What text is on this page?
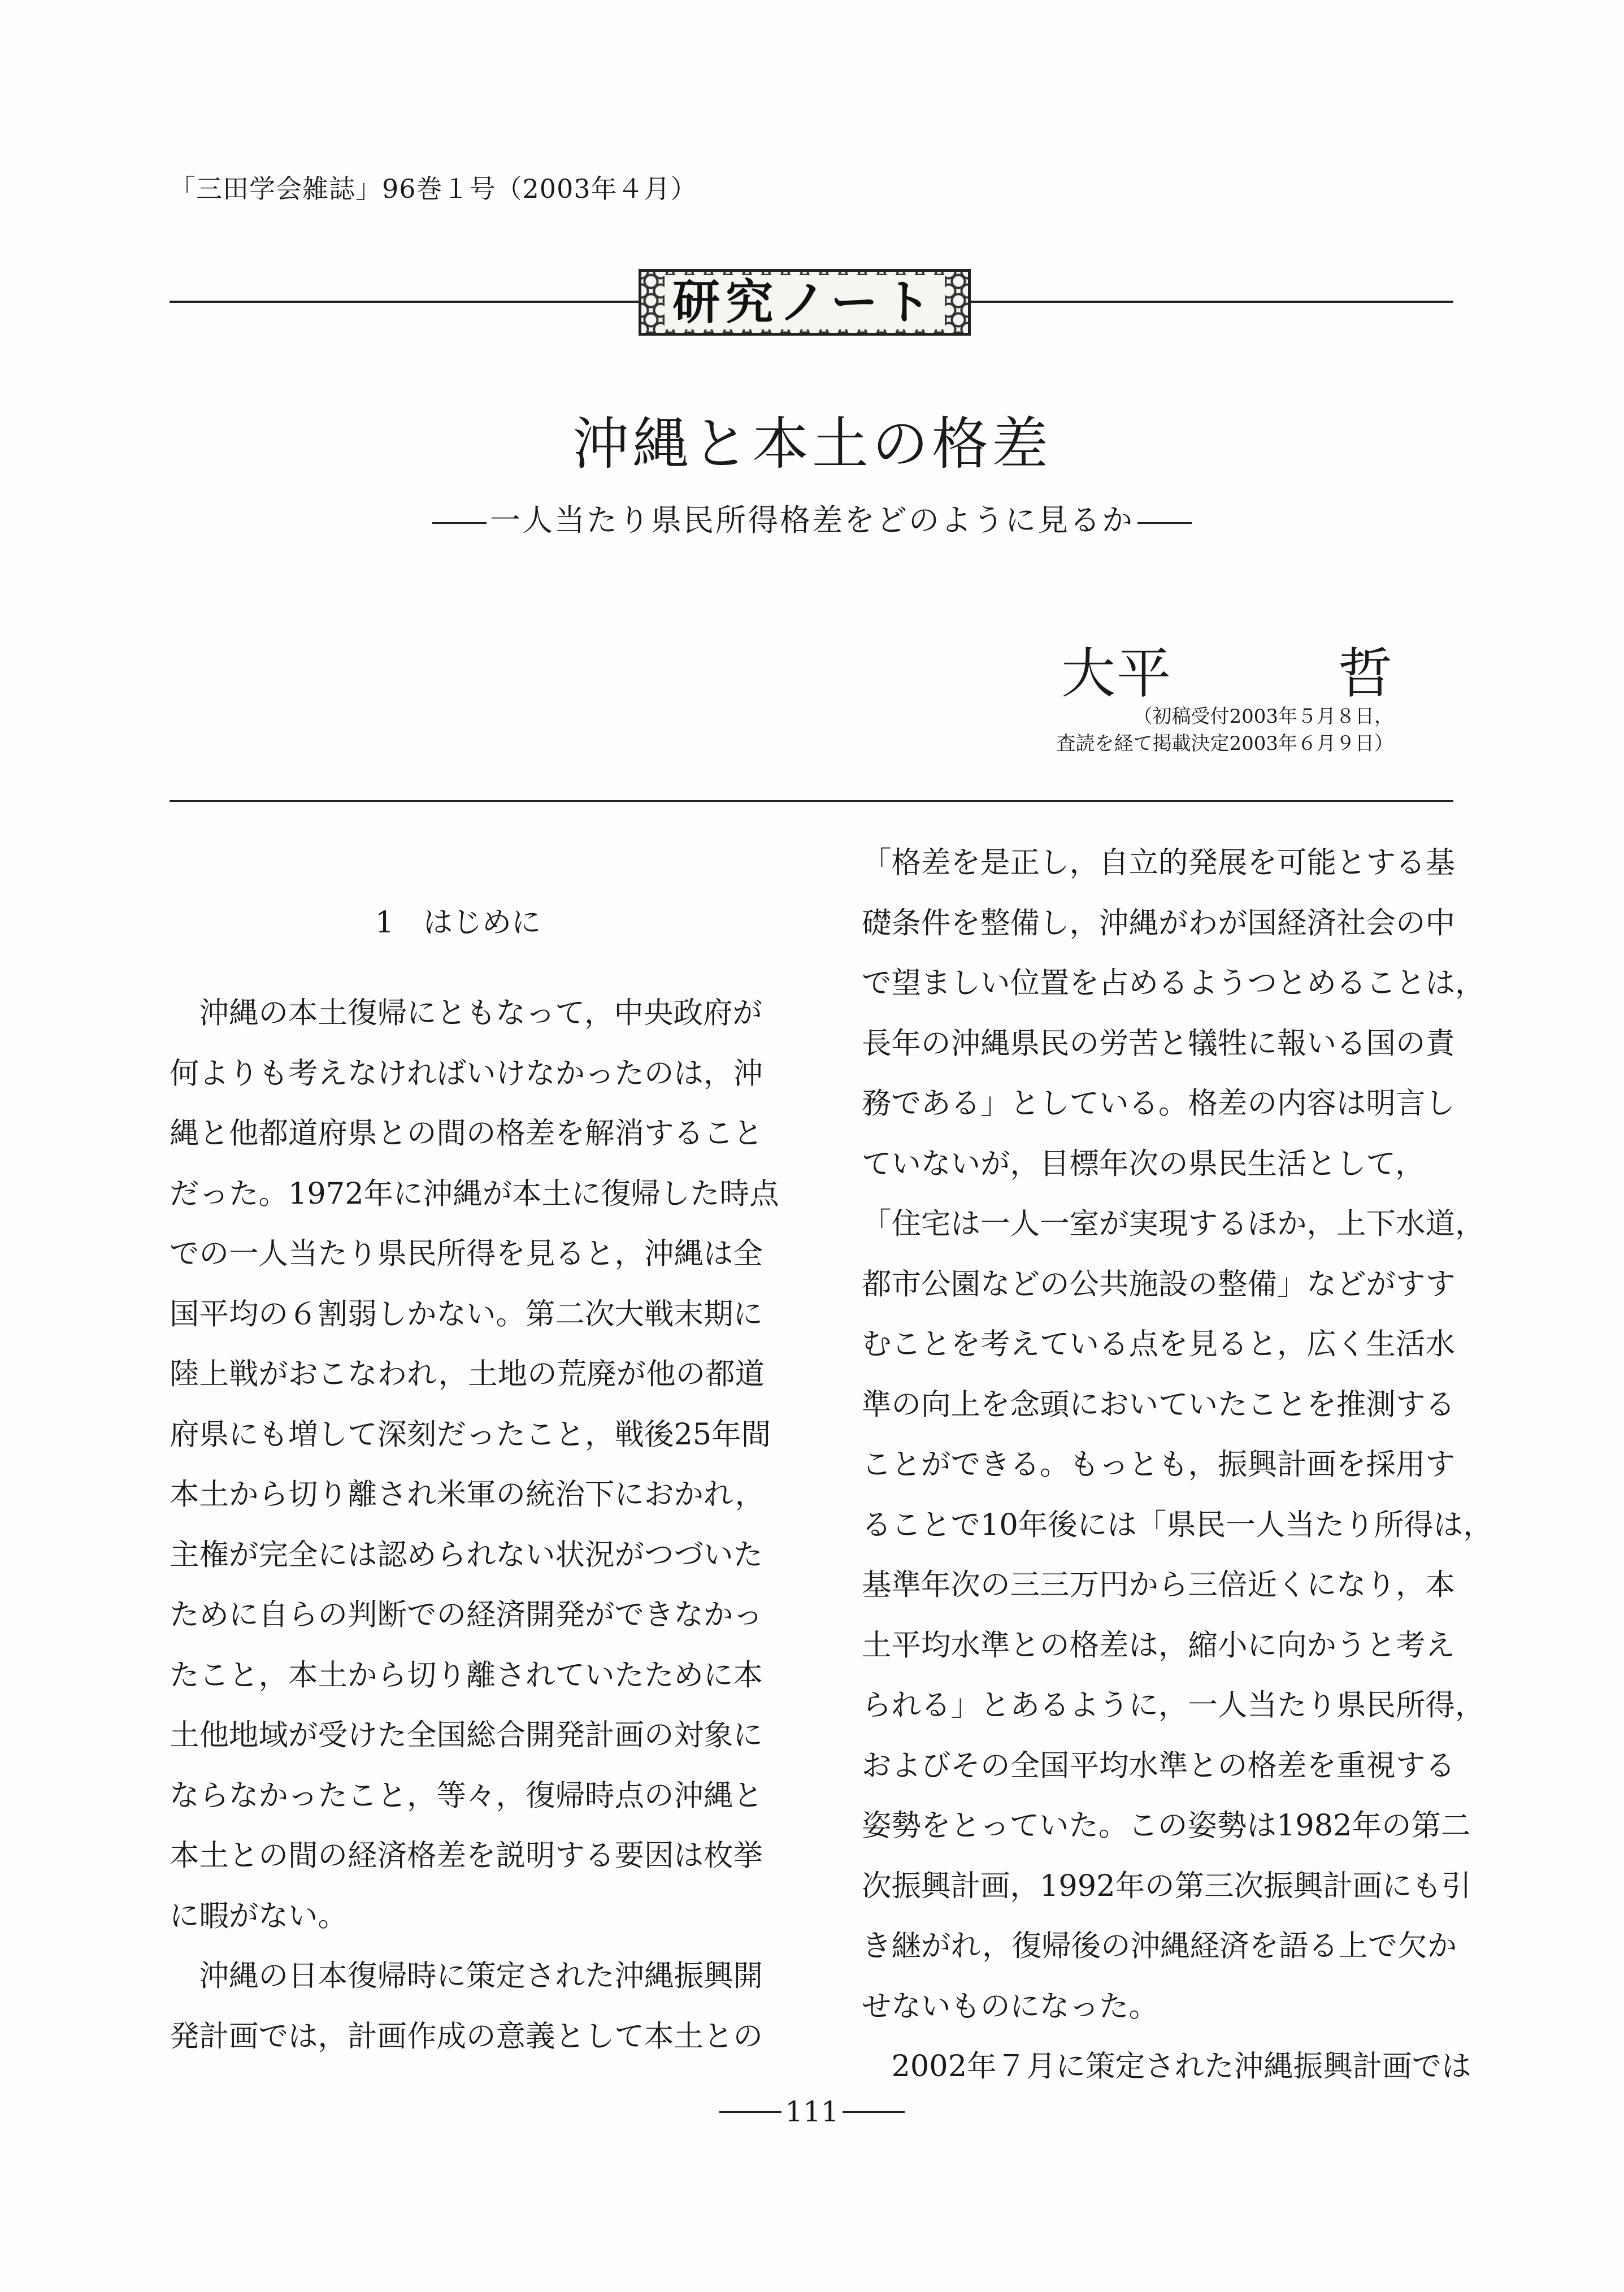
「三田学会雑誌」96巻１号（2003年４月）
研究ノート
沖縄と本土の格差
一人当たり県民所得格差をどのように見るか
大平　　　哲
（初稿受付2003年５月８日，
査読を経て掲載決定2003年６月９日）
1　はじめに
　沖縄の本土復帰にともなって，中央政府が
何よりも考えなければいけなかったのは，沖
縄と他都道府県との間の格差を解消すること
だった。1972年に沖縄が本土に復帰した時点
での一人当たり県民所得を見ると，沖縄は全
国平均の６割弱しかない。第二次大戦末期に
陸上戦がおこなわれ，土地の荒廃が他の都道
府県にも増して深刻だったこと，戦後25年間
本土から切り離され米軍の統治下におかれ，
主権が完全には認められない状況がつづいた
ために自らの判断での経済開発ができなかっ
たこと，本土から切り離されていたために本
土他地域が受けた全国総合開発計画の対象に
ならなかったこと，等々，復帰時点の沖縄と
本土との間の経済格差を説明する要因は枚挙
に暇がない。
　沖縄の日本復帰時に策定された沖縄振興開
発計画では，計画作成の意義として本土との
「格差を是正し，自立的発展を可能とする基
礎条件を整備し，沖縄がわが国経済社会の中
で望ましい位置を占めるようつとめることは，
長年の沖縄県民の労苦と犠牲に報いる国の責
務である」としている。格差の内容は明言し
ていないが，目標年次の県民生活として，
「住宅は一人一室が実現するほか，上下水道，
都市公園などの公共施設の整備」などがすす
むことを考えている点を見ると，広く生活水
準の向上を念頭においていたことを推測する
ことができる。もっとも，振興計画を採用す
ることで10年後には「県民一人当たり所得は，
基準年次の三三万円から三倍近くになり，本
土平均水準との格差は，縮小に向かうと考え
られる」とあるように，一人当たり県民所得，
およびその全国平均水準との格差を重視する
姿勢をとっていた。この姿勢は1982年の第二
次振興計画，1992年の第三次振興計画にも引
き継がれ，復帰後の沖縄経済を語る上で欠か
せないものになった。
　2002年７月に策定された沖縄振興計画では
111
